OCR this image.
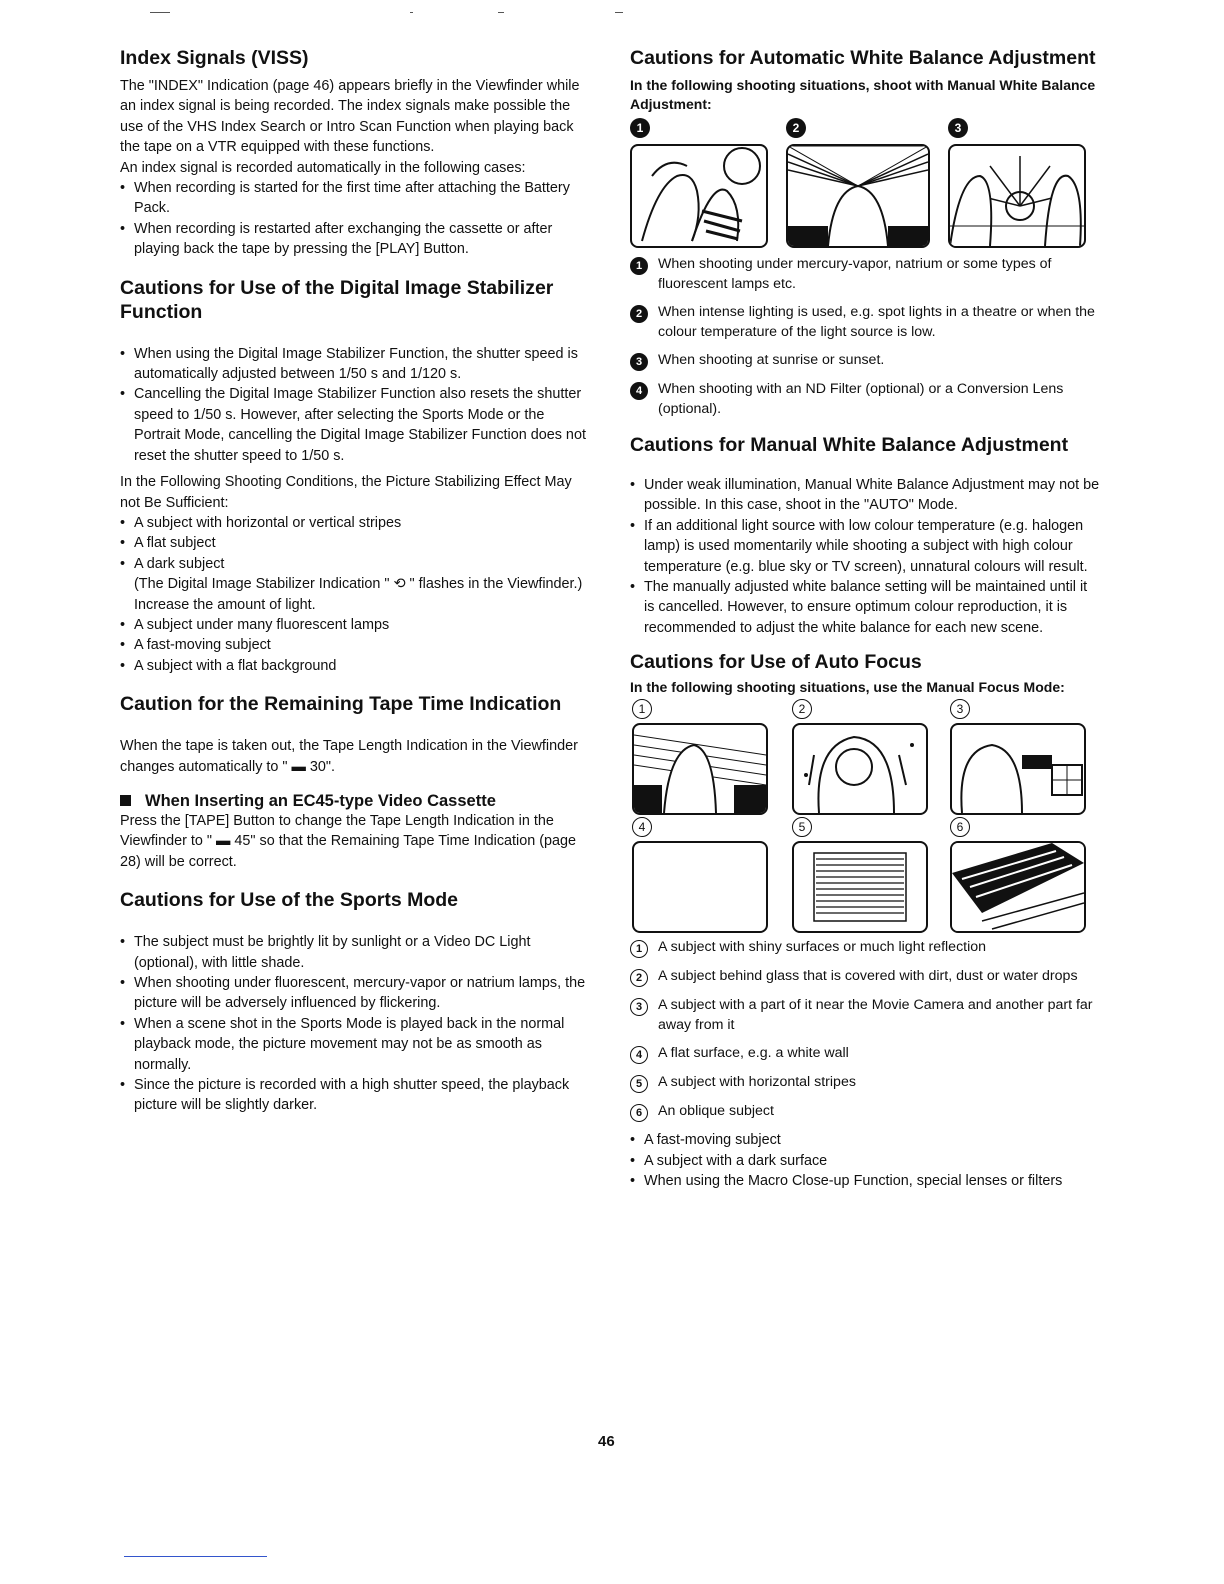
Index Signals (VISS)

The "INDEX" Indication (page 46) appears briefly in the Viewfinder while an index signal is being recorded. The index signals make possible the use of the VHS Index Search or Intro Scan Function when playing back the tape on a VTR equipped with these functions.

An index signal is recorded automatically in the following cases:

• When recording is started for the first time after attaching the Battery Pack.

• When recording is restarted after exchanging the cassette or after playing back the tape by pressing the [PLAY] Button.

Cautions for Use of the Digital Image Stabilizer Function

• When using the Digital Image Stabilizer Function, the shutter speed is automatically adjusted between 1/50 s and 1/120 s.

• Cancelling the Digital Image Stabilizer Function also resets the shutter speed to 1/50 s. However, after selecting the Sports Mode or the Portrait Mode, cancelling the Digital Image Stabilizer Function does not reset the shutter speed to 1/50 s.

In the Following Shooting Conditions, the Picture Stabilizing Effect May not Be Sufficient:

• A subject with horizontal or vertical stripes

• A flat subject

• A dark subject

(The Digital Image Stabilizer Indication " ⟲ " flashes in the Viewfinder.)

Increase the amount of light.

• A subject under many fluorescent lamps

• A fast-moving subject

• A subject with a flat background

Caution for the Remaining Tape Time Indication

When the tape is taken out, the Tape Length Indication in the Viewfinder changes automatically to " ▬ 30".

When Inserting an EC45-type Video Cassette

Press the [TAPE] Button to change the Tape Length Indication in the Viewfinder to " ▬ 45" so that the Remaining Tape Time Indication (page 28) will be correct.

Cautions for Use of the Sports Mode

• The subject must be brightly lit by sunlight or a Video DC Light (optional), with little shade.

• When shooting under fluorescent, mercury-vapor or natrium lamps, the picture will be adversely influenced by flickering.

• When a scene shot in the Sports Mode is played back in the normal playback mode, the picture movement may not be as smooth as normally.

• Since the picture is recorded with a high shutter speed, the playback picture will be slightly darker.

Cautions for Automatic White Balance Adjustment

In the following shooting situations, shoot with Manual White Balance Adjustment:

1	2	3
1	When shooting under mercury-vapor, natrium or some types of fluorescent lamps etc.
2	When intense lighting is used, e.g. spot lights in a theatre or when the colour temperature of the light source is low.
3	When shooting at sunrise or sunset.
4	When shooting with an ND Filter (optional) or a Conversion Lens (optional).
Cautions for Manual White Balance Adjustment

• Under weak illumination, Manual White Balance Adjustment may not be possible. In this case, shoot in the "AUTO" Mode.

• If an additional light source with low colour temperature (e.g. halogen lamp) is used momentarily while shooting a subject with high colour temperature (e.g. blue sky or TV screen), unnatural colours will result.

• The manually adjusted white balance setting will be maintained until it is cancelled. However, to ensure optimum colour reproduction, it is recommended to adjust the white balance for each new scene.

Cautions for Use of Auto Focus

In the following shooting situations, use the Manual Focus Mode:

1	2	3
4	5	6
1	A subject with shiny surfaces or much light reflection
2	A subject behind glass that is covered with dirt, dust or water drops
3	A subject with a part of it near the Movie Camera and another part far away from it
4	A flat surface, e.g. a white wall
5	A subject with horizontal stripes
6	An oblique subject

• A fast-moving subject

• A subject with a dark surface

• When using the Macro Close-up Function, special lenses or filters

46
